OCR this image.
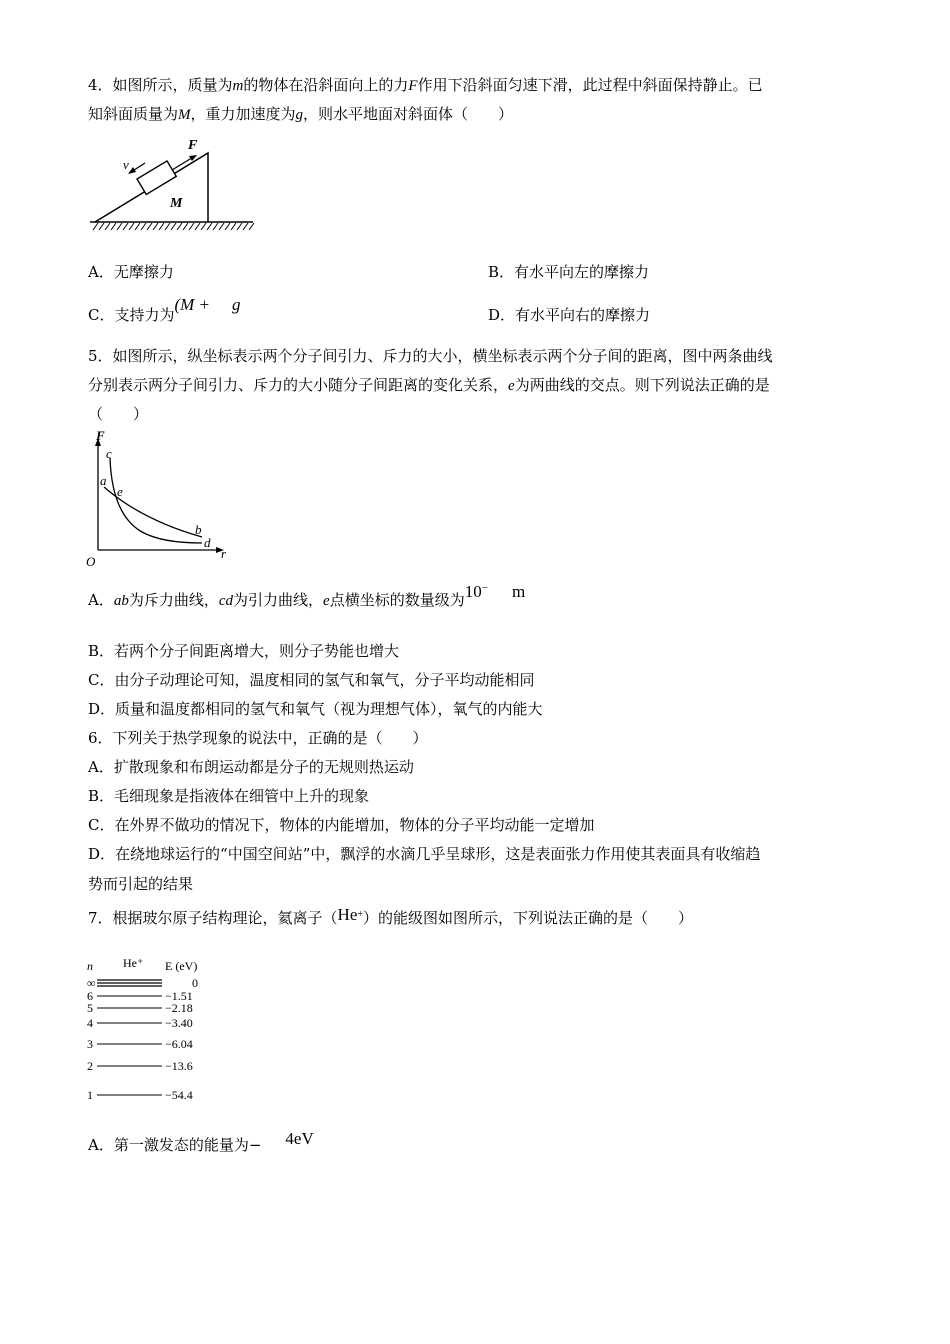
4．如图所示，质量为m的物体在沿斜面向上的力F作用下沿斜面匀速下滑，此过程中斜面保持静止。已
知斜面质量为M，重力加速度为g，则水平地面对斜面体（　　）
F
v
M
A．无摩擦力	B．有水平向左的摩擦力
C．支持力为(M + g
D．有水平向右的摩擦力
5．如图所示，纵坐标表示两个分子间引力、斥力的大小，横坐标表示两个分子间的距离，图中两条曲线
分别表示两分子间引力、斥力的大小随分子间距离的变化关系，e为两曲线的交点。则下列说法正确的是
（　　）
F
O
r
c
a
e
b
d
A．ab为斥力曲线，cd为引力曲线，e点横坐标的数量级为10− m
B．若两个分子间距离增大，则分子势能也增大
C．由分子动理论可知，温度相同的氢气和氧气，分子平均动能相同
D．质量和温度都相同的氢气和氧气（视为理想气体），氧气的内能大
6．下列关于热学现象的说法中，正确的是（　　）
A．扩散现象和布朗运动都是分子的无规则热运动
B．毛细现象是指液体在细管中上升的现象
C．在外界不做功的情况下，物体的内能增加，物体的分子平均动能一定增加
D．在绕地球运行的“中国空间站”中，飘浮的水滴几乎呈球形，这是表面张力作用使其表面具有收缩趋
势而引起的结果
7．根据玻尔原子结构理论，氦离子（He+）的能级图如图所示，下列说法正确的是（　　）
n	He⁺ E (eV)
∞	0
6	−1.51
5	−2.18
4	−3.40
3	−6.04
2	−13.6
1	−54.4
A．第一激发态的能量为− 4eV
